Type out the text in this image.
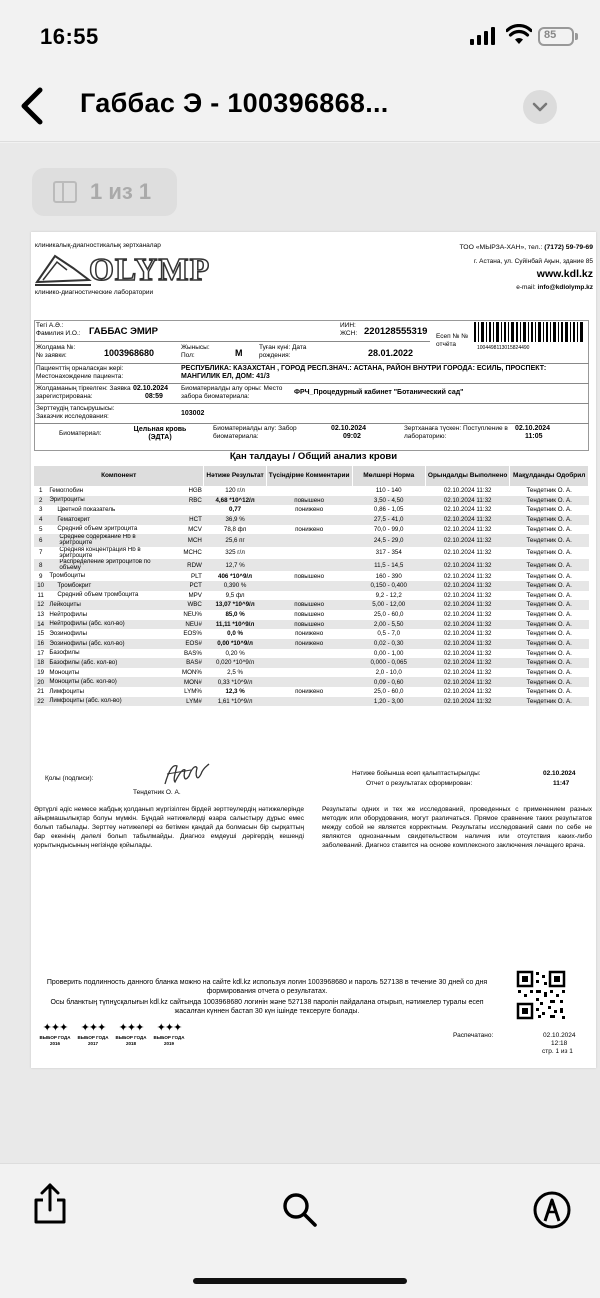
16:55	85
Габбас Э - 100396868...
1 из 1
клиникалық-диагностикалық зертханалар
OLYMP
клинико-диагностические лаборатории
ТОО «МЫРЗА-ХАН», тел.: (7172) 59-79-69
г. Астана, ул. Суйінбай Ақын, здание 85
www.kdl.kz
e-mail: info@kdlolymp.kz
Тегі А.Ә.: Фамилия И.О.: ГАББАС ЭМИР
ИИН: ЖСН: 220128555319 Есеп № № отчёта
1004498113015824490
Жолдама №: № заявки:	1003968680
Жынысы: Пол:	M
Туған күні: Дата рождения:	28.01.2022
Пациенттің орналасқан жері: Местонахождение пациента:
РЕСПУБЛИКА: КАЗАХСТАН , ГОРОД РЕСП.ЗНАЧ.: АСТАНА, РАЙОН ВНУТРИ ГОРОДА: ЕСИЛЬ, ПРОСПЕКТ: МАНГИЛИК ЕЛ, ДОМ: 41/3
Жолдаманың тіркелген: Заявка зарегистрирована:
02.10.2024
08:59
Биоматериалды алу орны: Место забора биоматериала:
ФРЧ_Процедурный кабинет "Ботанический сад"
Зерттеудің тапсырушысы: Заказчик исследования:	103002
Биоматериал:
Цельная кровь (ЭДТА)
Биоматериалды алу: Забор биоматериала:
02.10.2024
09:02
Зертханаға түскен: Поступление в лабораторию:
02.10.2024
11:05
Қан талдауы / Общий анализ крови
Компонент			Нәтиже Результат	Түсіндірме Комментарии	Мөлшері Норма	Орындалды Выполнено	Мақұлданды Одобрил
1	Гемоглобин	HGB	120 г/л		110 - 140	02.10.2024 11:32	Тендетник О. А.
2	Эритроциты	RBC	4,68 *10^12/л	повышено	3,50 - 4,50	02.10.2024 11:32	Тендетник О. А.
3	Цветной показатель		0,77	понижено	0,86 - 1,05	02.10.2024 11:32	Тендетник О. А.
4	Гематокрит	HCT	36,9 %		27,5 - 41,0	02.10.2024 11:32	Тендетник О. А.
5	Средний объем эритроцита	MCV	78,8 фл	понижено	70,0 - 99,0	02.10.2024 11:32	Тендетник О. А.
6	Среднее содержание Hb в эритроците	MCH	25,6 пг		24,5 - 29,0	02.10.2024 11:32	Тендетник О. А.
7	Средняя концентрация Hb в эритроците	MCHC	325 г/л		317 - 354	02.10.2024 11:32	Тендетник О. А.
8	Распределение эритроцитов по объему	RDW	12,7 %		11,5 - 14,5	02.10.2024 11:32	Тендетник О. А.
9	Тромбоциты	PLT	406 *10^9/л	повышено	160 - 390	02.10.2024 11:32	Тендетник О. А.
10	Тромбокрит	PCT	0,390 %		0,150 - 0,400	02.10.2024 11:32	Тендетник О. А.
11	Средний объем тромбоцита	MPV	9,5 фл		9,2 - 12,2	02.10.2024 11:32	Тендетник О. А.
12	Лейкоциты	WBC	13,07 *10^9/л	повышено	5,00 - 12,00	02.10.2024 11:32	Тендетник О. А.
13	Нейтрофилы	NEU%	85,0 %	повышено	25,0 - 60,0	02.10.2024 11:32	Тендетник О. А.
14	Нейтрофилы (абс. кол-во)	NEU#	11,11 *10^9/л	повышено	2,00 - 5,50	02.10.2024 11:32	Тендетник О. А.
15	Эозинофилы	EOS%	0,0 %	понижено	0,5 - 7,0	02.10.2024 11:32	Тендетник О. А.
16	Эозинофилы (абс. кол-во)	EOS#	0,00 *10^9/л	понижено	0,02 - 0,30	02.10.2024 11:32	Тендетник О. А.
17	Базофилы	BAS%	0,20 %		0,00 - 1,00	02.10.2024 11:32	Тендетник О. А.
18	Базофилы (абс. кол-во)	BAS#	0,020 *10^9/л		0,000 - 0,065	02.10.2024 11:32	Тендетник О. А.
19	Моноциты	MON%	2,5 %		2,0 - 10,0	02.10.2024 11:32	Тендетник О. А.
20	Моноциты (абс. кол-во)	MON#	0,33 *10^9/л		0,09 - 0,60	02.10.2024 11:32	Тендетник О. А.
21	Лимфоциты	LYM%	12,3 %	понижено	25,0 - 60,0	02.10.2024 11:32	Тендетник О. А.
22	Лимфоциты (абс. кол-во)	LYM#	1,61 *10^9/л		1,20 - 3,00	02.10.2024 11:32	Тендетник О. А.
Қолы (подписи):
Тендетник О. А.
Нәтиже бойынша есеп қалыптастырылды:	02.10.2024
Отчет о результатах сформирован:	11:47
Әртүрлі әдіс немесе жабдық қолданып жүргізілген бірдей зерттеулердің нәтижелерінде айырмашылықтар болуы мүмкін. Бұндай нәтижелерді өзара салыстыру дұрыс емес болып табылады. Зерттеу нәтижелері өз бетімен қандай да болмасын бір сырқаттың бар екенінің дәлелі болып табылмайды. Диагноз емдеуші дәрігердің кешенді қорытындысының негізінде қойылады.
Результаты одних и тех же исследований, проведенных с применением разных методик или оборудования, могут различаться. Прямое сравнение таких результатов между собой не является корректным. Результаты исследований сами по себе не являются однозначным свидетельством наличия или отсутствия каких-либо заболеваний. Диагноз ставится на основе комплексного заключения лечащего врача.
Проверить подлинность данного бланка можно на сайте kdl.kz используя логин 1003968680 и пароль 527138 в течение 30 дней со дня формирования отчета о результатах.
Осы бланктың түпнұсқалығын kdl.kz сайтында 1003968680 логинін және 527138 паролін пайдалана отырып, нәтижелер туралы есеп жасалған күннен бастап 30 күн ішінде тексеруге болады.
✦✦✦
ВЫБОР ГОДА 2016
✦✦✦
ВЫБОР ГОДА 2017
✦✦✦
ВЫБОР ГОДА 2018
✦✦✦
ВЫБОР ГОДА 2019
Распечатано:	02.10.2024
12:18
стр. 1 из 1
